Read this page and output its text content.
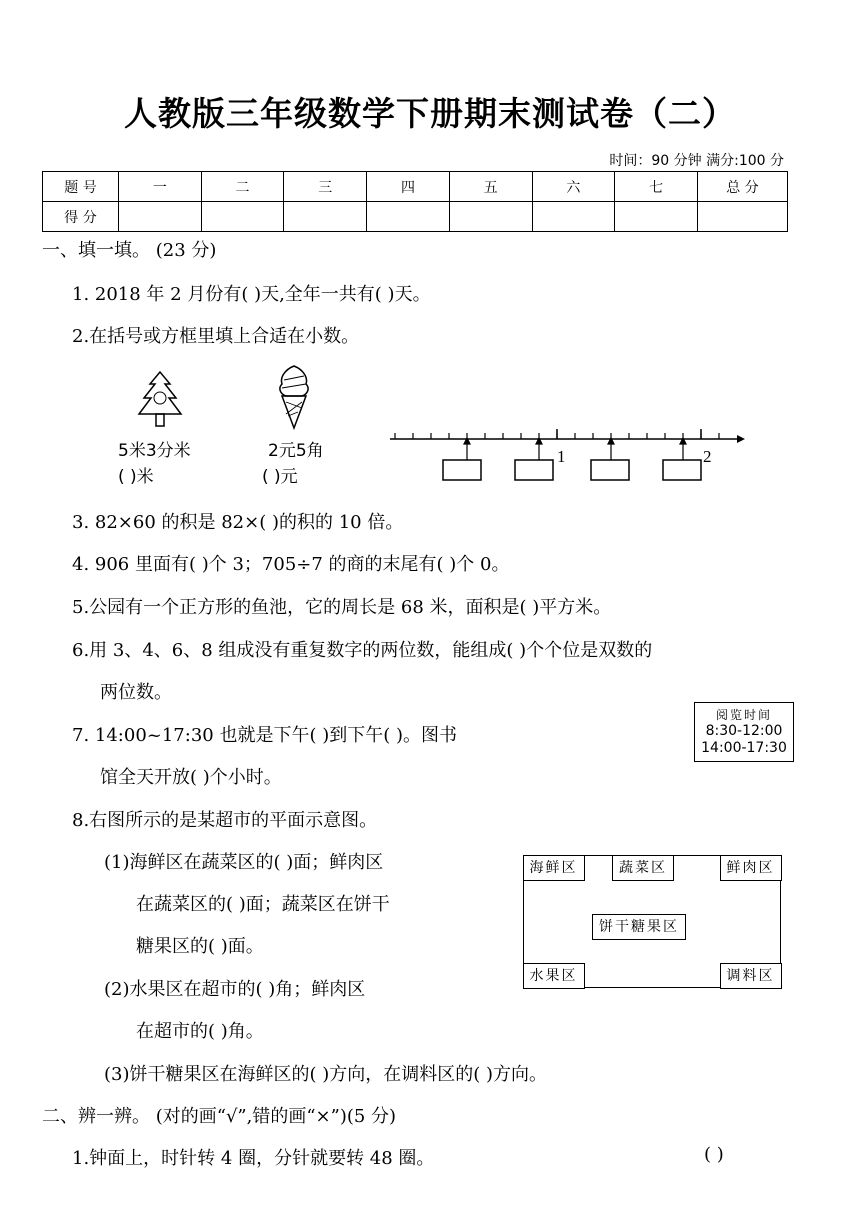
人教版三年级数学下册期末测试卷（二）
时间：90 分钟 满分:100 分
题 号	一	二	三	四	五	六	七	总 分
得 分								
一、填一填。 (23 分)
1. 2018 年 2 月份有( )天,全年一共有( )天。
2.在括号或方框里填上合适在小数。
5米3分米
( )米
2元5角
( )元
1	2
3. 82×60 的积是 82×( )的积的 10 倍。
4. 906 里面有( )个 3；705÷7 的商的末尾有( )个 0。
5.公园有一个正方形的鱼池，它的周长是 68 米，面积是( )平方米。
6.用 3、4、6、8 组成没有重复数字的两位数，能组成( )个个位是双数的
两位数。
7. 14:00~17:30 也就是下午( )到下午( )。图书
馆全天开放( )个小时。
阅览时间
8:30-12:00
14:00-17:30
8.右图所示的是某超市的平面示意图。
(1)海鲜区在蔬菜区的( )面；鲜肉区
在蔬菜区的( )面；蔬菜区在饼干
糖果区的( )面。
(2)水果区在超市的( )角；鲜肉区
在超市的( )角。
(3)饼干糖果区在海鲜区的( )方向，在调料区的( )方向。
海鲜区	蔬菜区	鲜肉区
饼干糖果区
水果区	调料区
二、辨一辨。 (对的画“√”,错的画“×”)(5 分)
1.钟面上，时针转 4 圈，分针就要转 48 圈。	( )
